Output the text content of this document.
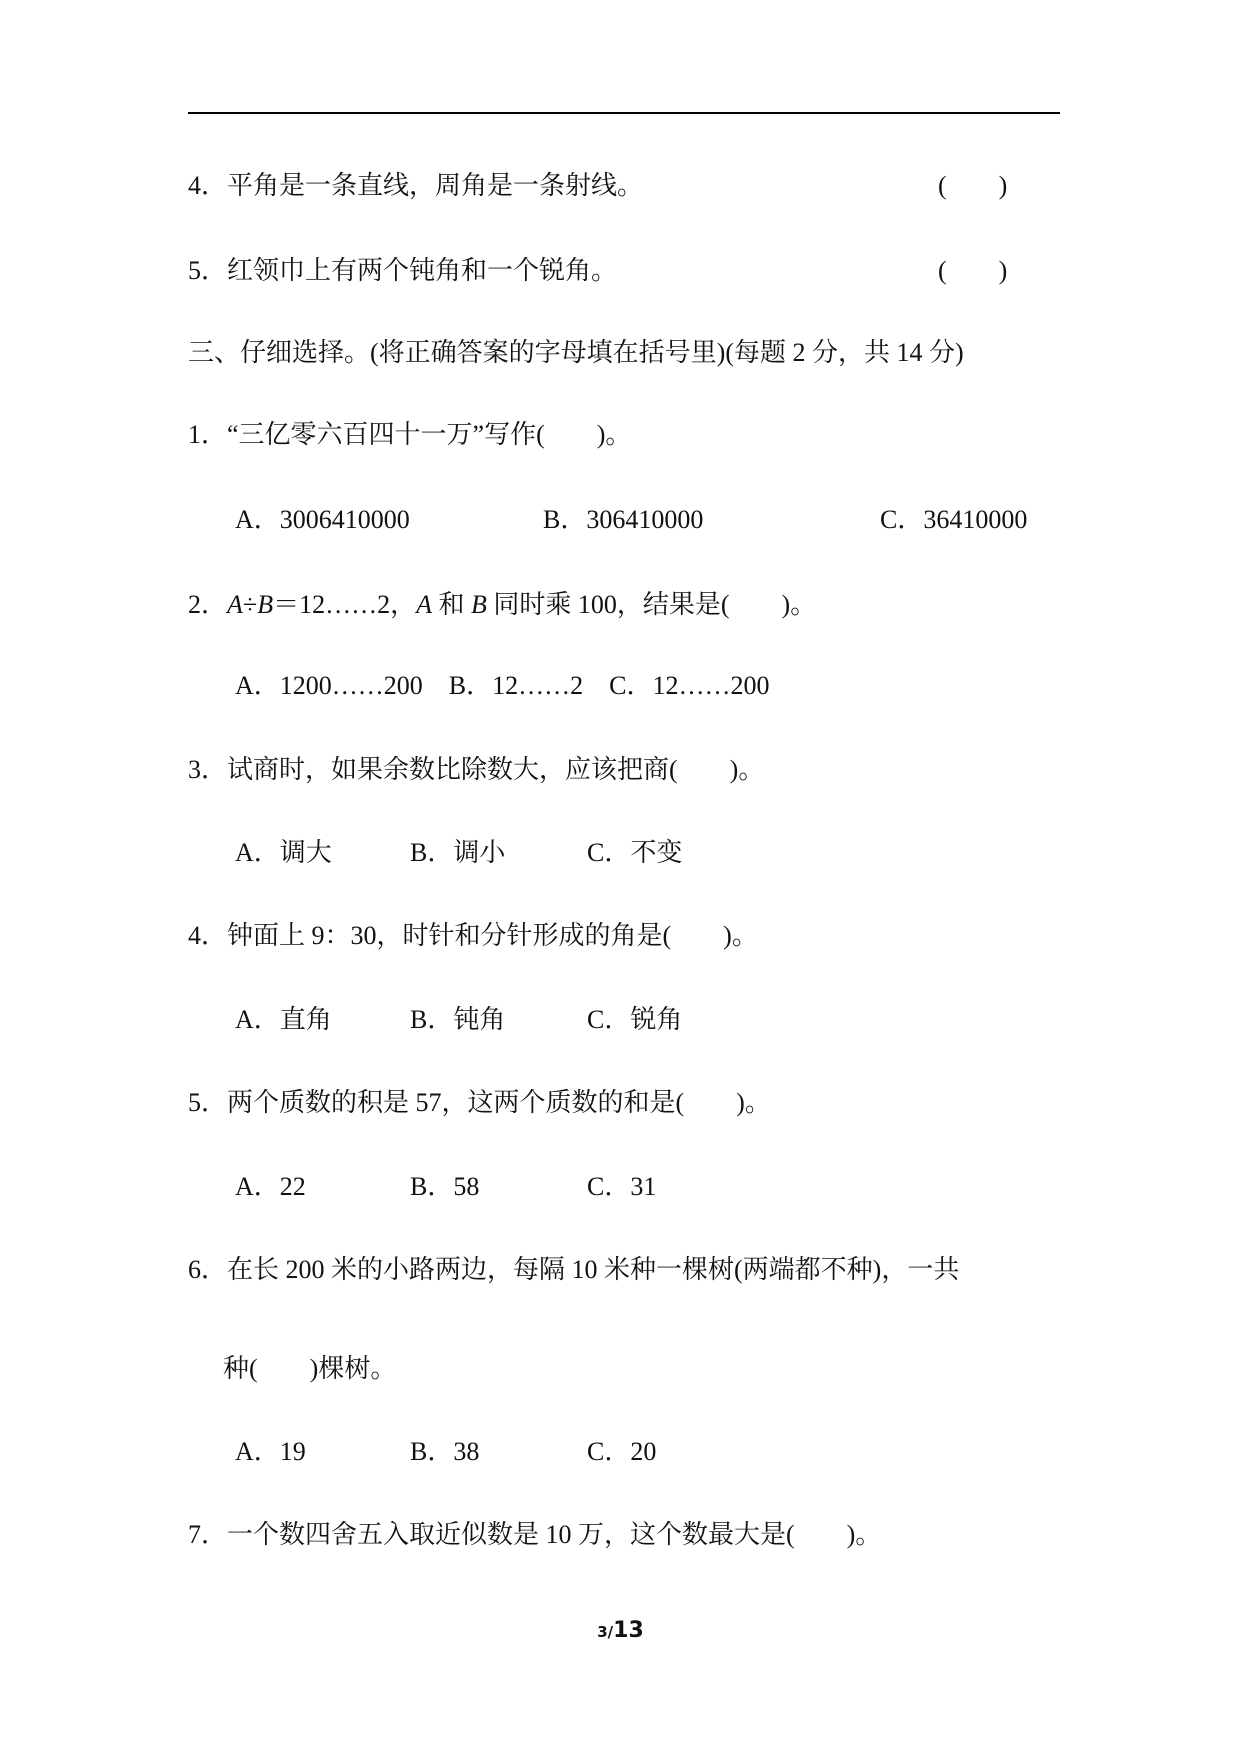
4．平角是一条直线，周角是一条射线。	(　　)
5．红领巾上有两个钝角和一个锐角。	(　　)
三、仔细选择。(将正确答案的字母填在括号里)(每题 2 分，共 14 分)
1．“三亿零六百四十一万”写作(　　)。
A．3006410000	B．306410000	C．36410000
2．A÷B＝12……2，A 和 B 同时乘 100，结果是(　　)。
A．1200……200　B．12……2　C．12……200
3．试商时，如果余数比除数大，应该把商(　　)。
A．调大	B．调小	C．不变
4．钟面上 9：30，时针和分针形成的角是(　　)。
A．直角	B．钝角	C．锐角
5．两个质数的积是 57，这两个质数的和是(　　)。
A．22	B．58	C．31
6．在长 200 米的小路两边，每隔 10 米种一棵树(两端都不种)，一共
种(　　)棵树。
A．19	B．38	C．20
7．一个数四舍五入取近似数是 10 万，这个数最大是(　　)。
3/13
